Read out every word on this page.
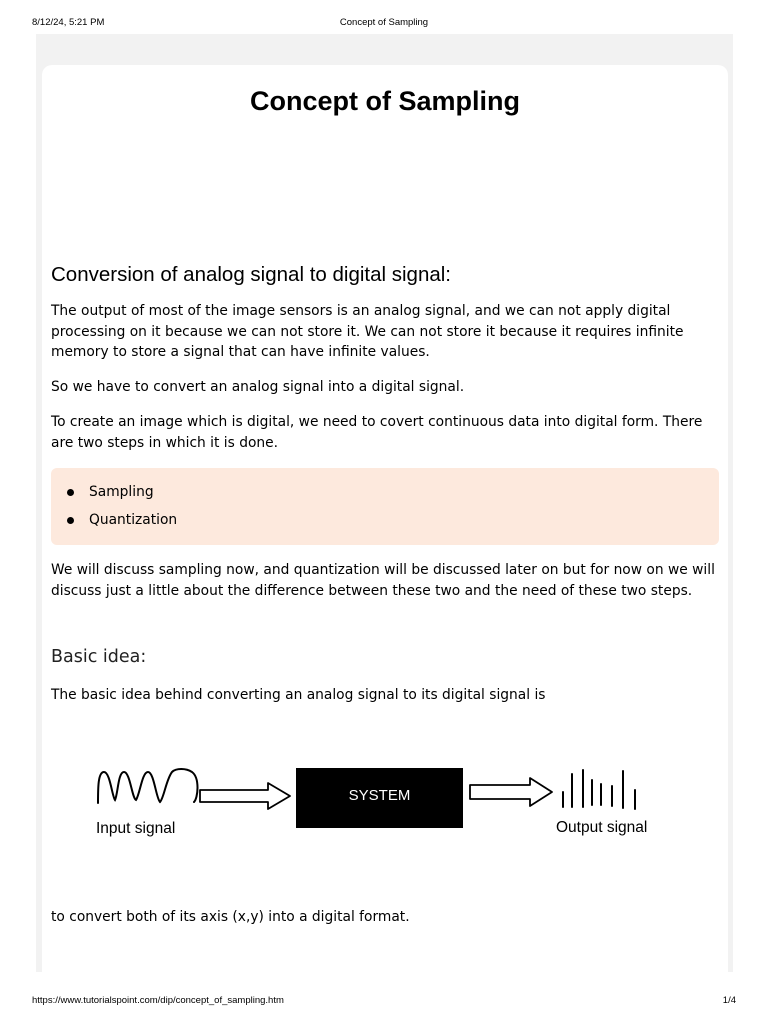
8/12/24, 5:21 PM	Concept of Sampling
Concept of Sampling
Conversion of analog signal to digital signal:

The output of most of the image sensors is an analog signal, and we can not apply digital processing on it because we can not store it. We can not store it because it requires infinite memory to store a signal that can have infinite values.

So we have to convert an analog signal into a digital signal.

To create an image which is digital, we need to covert continuous data into digital form. There are two steps in which it is done.

Sampling
Quantization

We will discuss sampling now, and quantization will be discussed later on but for now on we will discuss just a little about the difference between these two and the need of these two steps.

Basic idea:

The basic idea behind converting an analog signal to its digital signal is

SYSTEM
Input signal	Output signal

to convert both of its axis (x,y) into a digital format.

https://www.tutorialspoint.com/dip/concept_of_sampling.htm	1/4
